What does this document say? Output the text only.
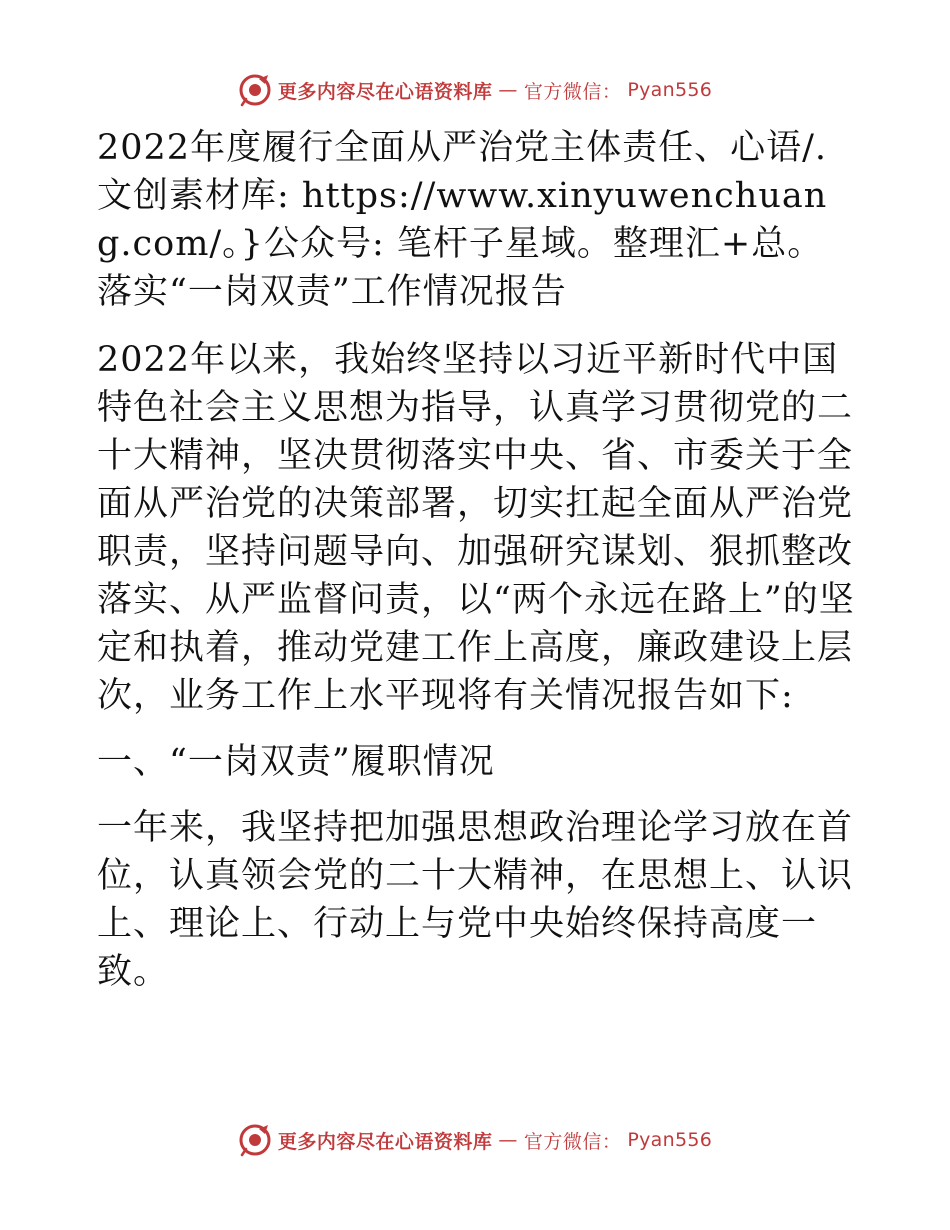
更多内容尽在心语资料库 — 官方微信： Pyan556

2022年度履行全面从严治党主体责任、心语/.文创素材库: https://www.xinyuwenchuang.com/。}公众号: 笔杆子星域。整理汇+总。落实“一岗双责”工作情况报告

2022年以来，我始终坚持以习近平新时代中国特色社会主义思想为指导，认真学习贯彻党的二十大精神，坚决贯彻落实中央、省、市委关于全面从严治党的决策部署，切实扛起全面从严治党职责，坚持问题导向、加强研究谋划、狠抓整改落实、从严监督问责，以“两个永远在路上”的坚定和执着，推动党建工作上高度，廉政建设上层次，业务工作上水平现将有关情况报告如下:

一、“一岗双责”履职情况

一年来，我坚持把加强思想政治理论学习放在首位，认真领会党的二十大精神，在思想上、认识上、理论上、行动上与党中央始终保持高度一致。

更多内容尽在心语资料库 — 官方微信： Pyan556
